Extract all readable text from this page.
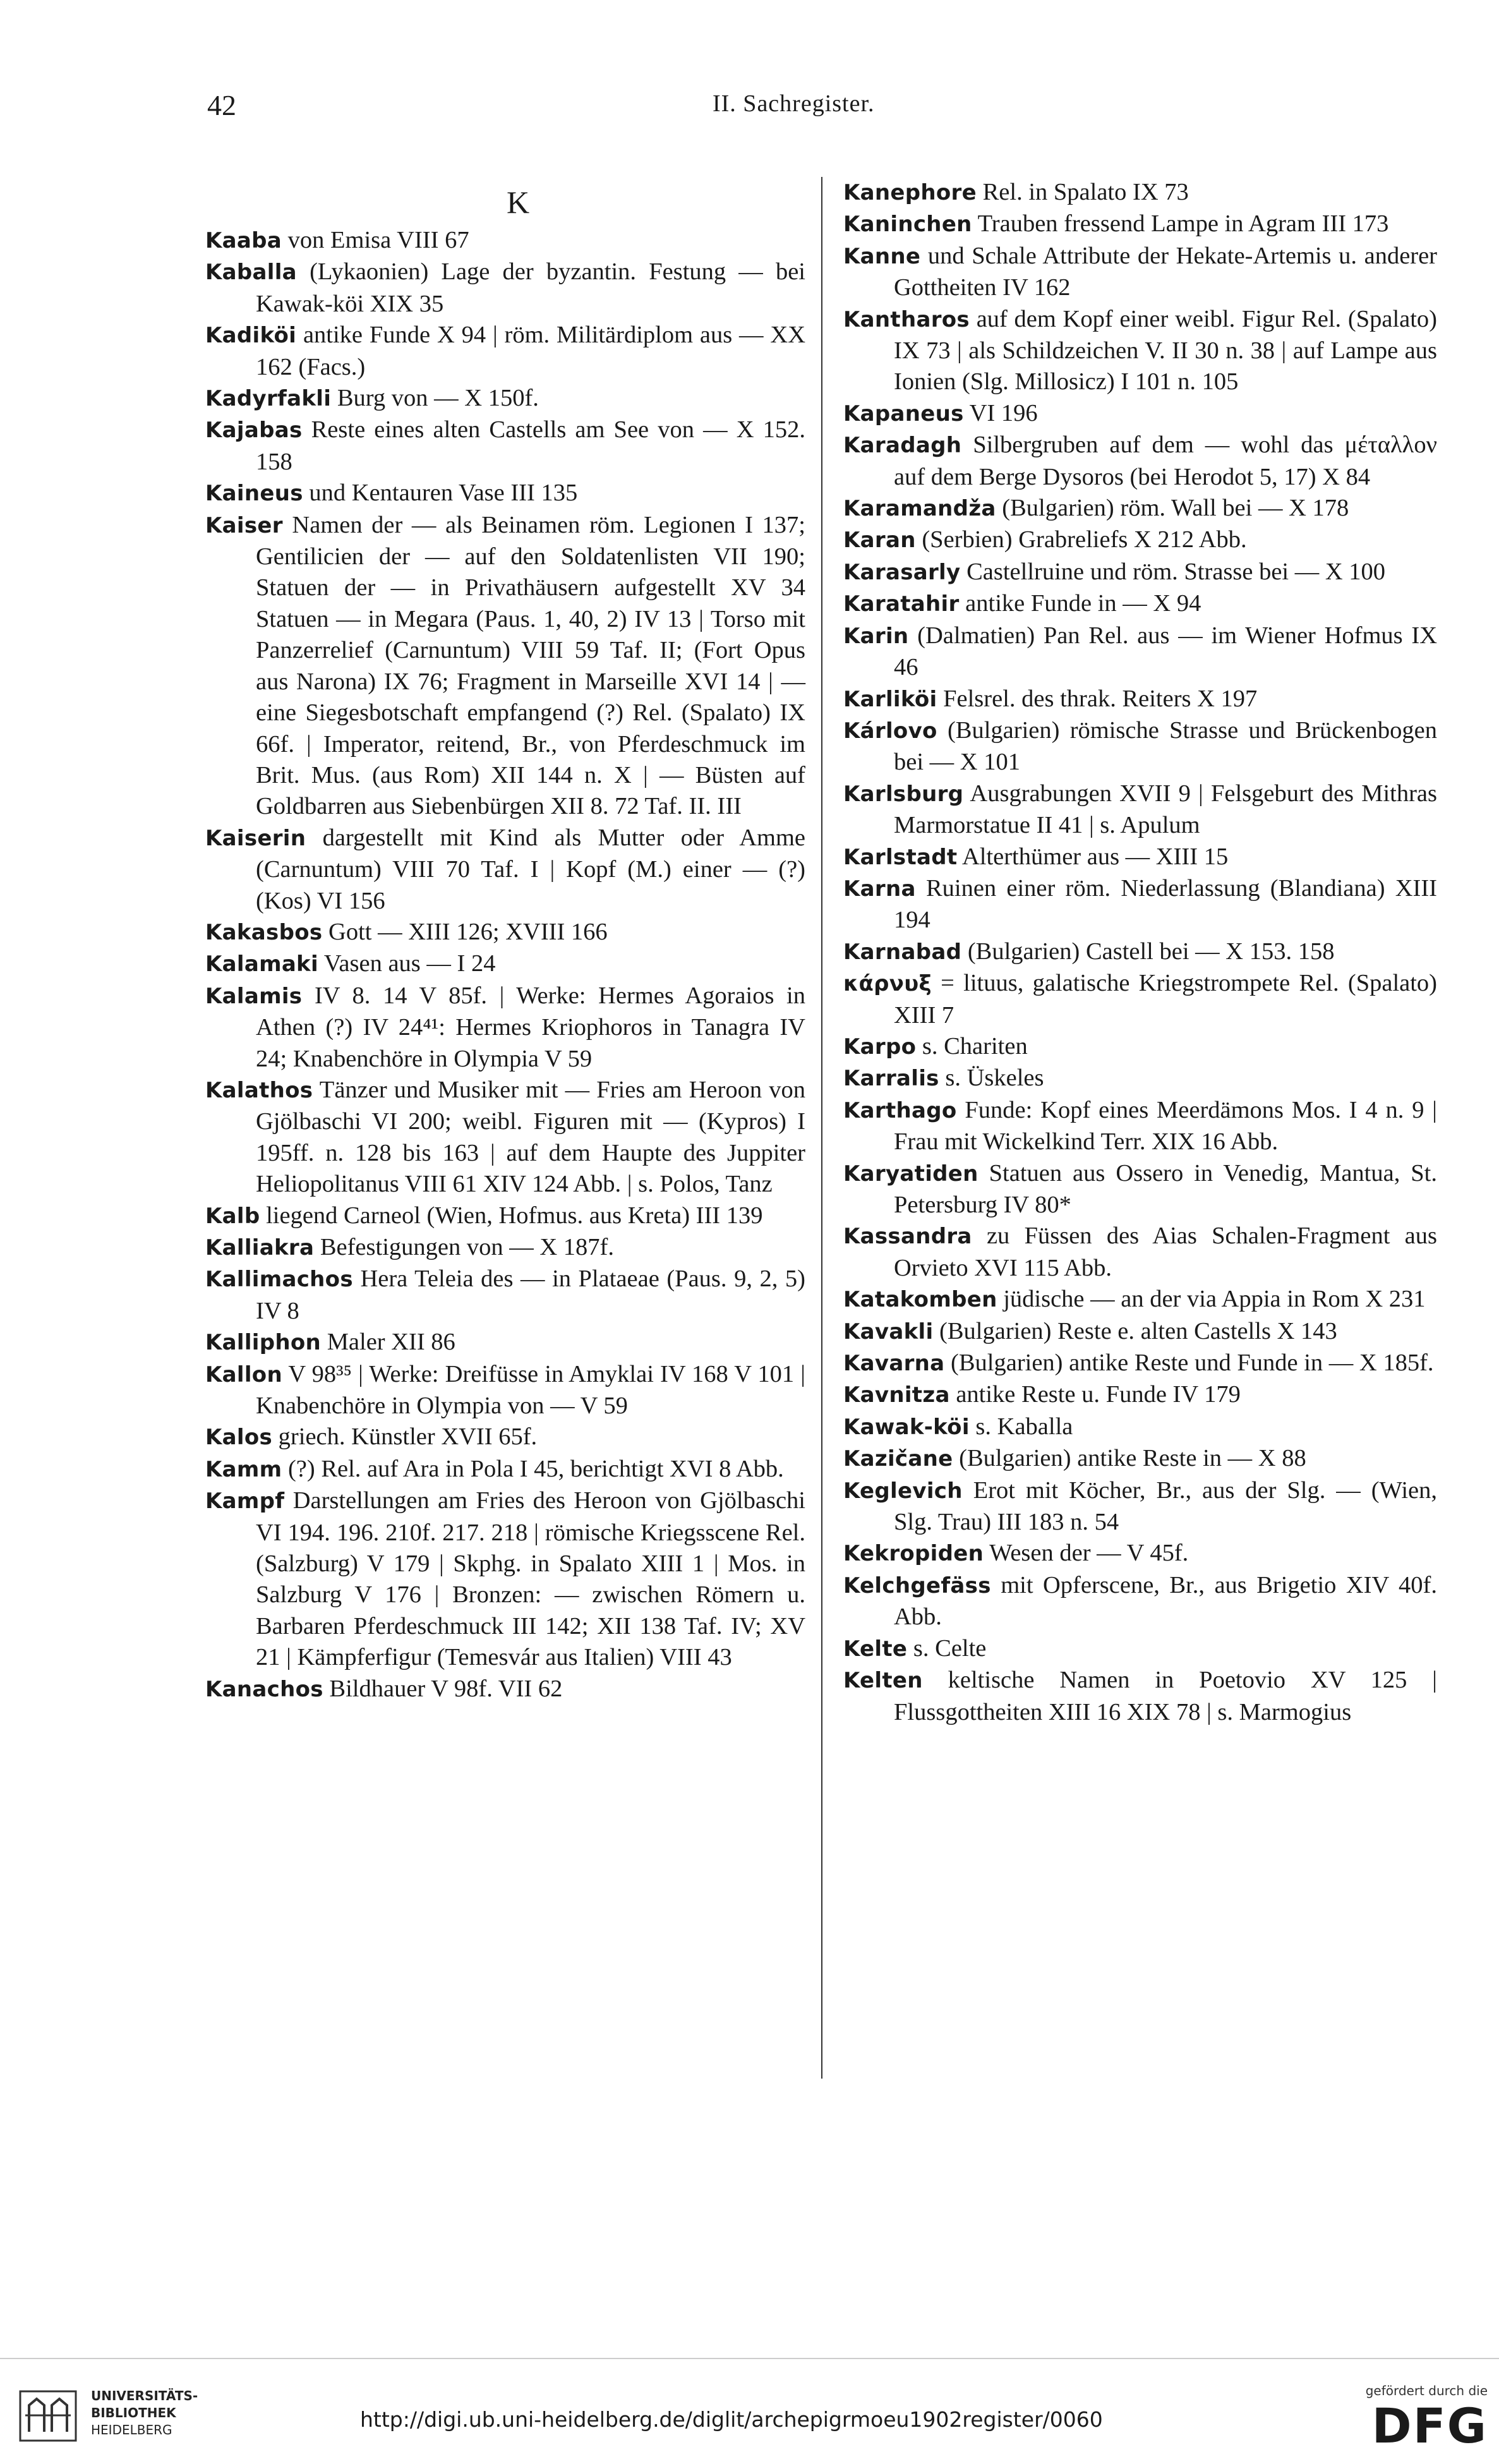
42	II. Sachregister.
K

Kaaba von Emisa VIII 67

Kaballa (Lykaonien) Lage der byzantin. Festung — bei Kawak-köi XIX 35

Kadiköi antike Funde X 94 | röm. Militärdiplom aus — XX 162 (Facs.)

Kadyrfakli Burg von — X 150f.

Kajabas Reste eines alten Castells am See von — X 152. 158

Kaineus und Kentauren Vase III 135

Kaiser Namen der — als Beinamen röm. Legionen I 137; Gentilicien der — auf den Soldatenlisten VII 190; Statuen der — in Privathäusern aufgestellt XV 34 Statuen — in Megara (Paus. 1, 40, 2) IV 13 | Torso mit Panzerrelief (Carnuntum) VIII 59 Taf. II; (Fort Opus aus Narona) IX 76; Fragment in Marseille XVI 14 | — eine Siegesbotschaft empfangend (?) Rel. (Spalato) IX 66f. | Imperator, reitend, Br., von Pferdeschmuck im Brit. Mus. (aus Rom) XII 144 n. X | — Büsten auf Goldbarren aus Siebenbürgen XII 8. 72 Taf. II. III

Kaiserin dargestellt mit Kind als Mutter oder Amme (Carnuntum) VIII 70 Taf. I | Kopf (M.) einer — (?) (Kos) VI 156

Kakasbos Gott — XIII 126; XVIII 166

Kalamaki Vasen aus — I 24

Kalamis IV 8. 14 V 85f. | Werke: Hermes Agoraios in Athen (?) IV 24⁴¹: Hermes Kriophoros in Tanagra IV 24; Knabenchöre in Olympia V 59

Kalathos Tänzer und Musiker mit — Fries am Heroon von Gjölbaschi VI 200; weibl. Figuren mit — (Kypros) I 195ff. n. 128 bis 163 | auf dem Haupte des Juppiter Heliopolitanus VIII 61 XIV 124 Abb. | s. Polos, Tanz

Kalb liegend Carneol (Wien, Hofmus. aus Kreta) III 139

Kalliakra Befestigungen von — X 187f.

Kallimachos Hera Teleia des — in Plataeae (Paus. 9, 2, 5) IV 8

Kalliphon Maler XII 86

Kallon V 98³⁵ | Werke: Dreifüsse in Amyklai IV 168 V 101 | Knabenchöre in Olympia von — V 59

Kalos griech. Künstler XVII 65f.

Kamm (?) Rel. auf Ara in Pola I 45, berichtigt XVI 8 Abb.

Kampf Darstellungen am Fries des Heroon von Gjölbaschi VI 194. 196. 210f. 217. 218 | römische Kriegsscene Rel. (Salzburg) V 179 | Skphg. in Spalato XIII 1 | Mos. in Salzburg V 176 | Bronzen: — zwischen Römern u. Barbaren Pferdeschmuck III 142; XII 138 Taf. IV; XV 21 | Kämpferfigur (Temesvár aus Italien) VIII 43

Kanachos Bildhauer V 98f. VII 62

Kanephore Rel. in Spalato IX 73

Kaninchen Trauben fressend Lampe in Agram III 173

Kanne und Schale Attribute der Hekate-Artemis u. anderer Gottheiten IV 162

Kantharos auf dem Kopf einer weibl. Figur Rel. (Spalato) IX 73 | als Schildzeichen V. II 30 n. 38 | auf Lampe aus Ionien (Slg. Millosicz) I 101 n. 105

Kapaneus VI 196

Karadagh Silbergruben auf dem — wohl das μέταλλον auf dem Berge Dysoros (bei Herodot 5, 17) X 84

Karamandža (Bulgarien) röm. Wall bei — X 178

Karan (Serbien) Grabreliefs X 212 Abb.

Karasarly Castellruine und röm. Strasse bei — X 100

Karatahir antike Funde in — X 94

Karin (Dalmatien) Pan Rel. aus — im Wiener Hofmus IX 46

Karliköi Felsrel. des thrak. Reiters X 197

Kárlovo (Bulgarien) römische Strasse und Brückenbogen bei — X 101

Karlsburg Ausgrabungen XVII 9 | Felsgeburt des Mithras Marmorstatue II 41 | s. Apulum

Karlstadt Alterthümer aus — XIII 15

Karna Ruinen einer röm. Niederlassung (Blandiana) XIII 194

Karnabad (Bulgarien) Castell bei — X 153. 158

κάρνυξ = lituus, galatische Kriegstrompete Rel. (Spalato) XIII 7

Karpo s. Chariten

Karralis s. Üskeles

Karthago Funde: Kopf eines Meerdämons Mos. I 4 n. 9 | Frau mit Wickelkind Terr. XIX 16 Abb.

Karyatiden Statuen aus Ossero in Venedig, Mantua, St. Petersburg IV 80*

Kassandra zu Füssen des Aias Schalen-Fragment aus Orvieto XVI 115 Abb.

Katakomben jüdische — an der via Appia in Rom X 231

Kavakli (Bulgarien) Reste e. alten Castells X 143

Kavarna (Bulgarien) antike Reste und Funde in — X 185f.

Kavnitza antike Reste u. Funde IV 179

Kawak-köi s. Kaballa

Kazičane (Bulgarien) antike Reste in — X 88

Keglevich Erot mit Köcher, Br., aus der Slg. — (Wien, Slg. Trau) III 183 n. 54

Kekropiden Wesen der — V 45f.

Kelchgefäss mit Opferscene, Br., aus Brigetio XIV 40f. Abb.

Kelte s. Celte

Kelten keltische Namen in Poetovio XV 125 | Flussgottheiten XIII 16 XIX 78 | s. Marmogius

UNIVERSITÄTS-
BIBLIOTHEK
HEIDELBERG	http://digi.ub.uni-heidelberg.de/diglit/archepigrmoeu1902register/0060
gefördert durch die
DFG
